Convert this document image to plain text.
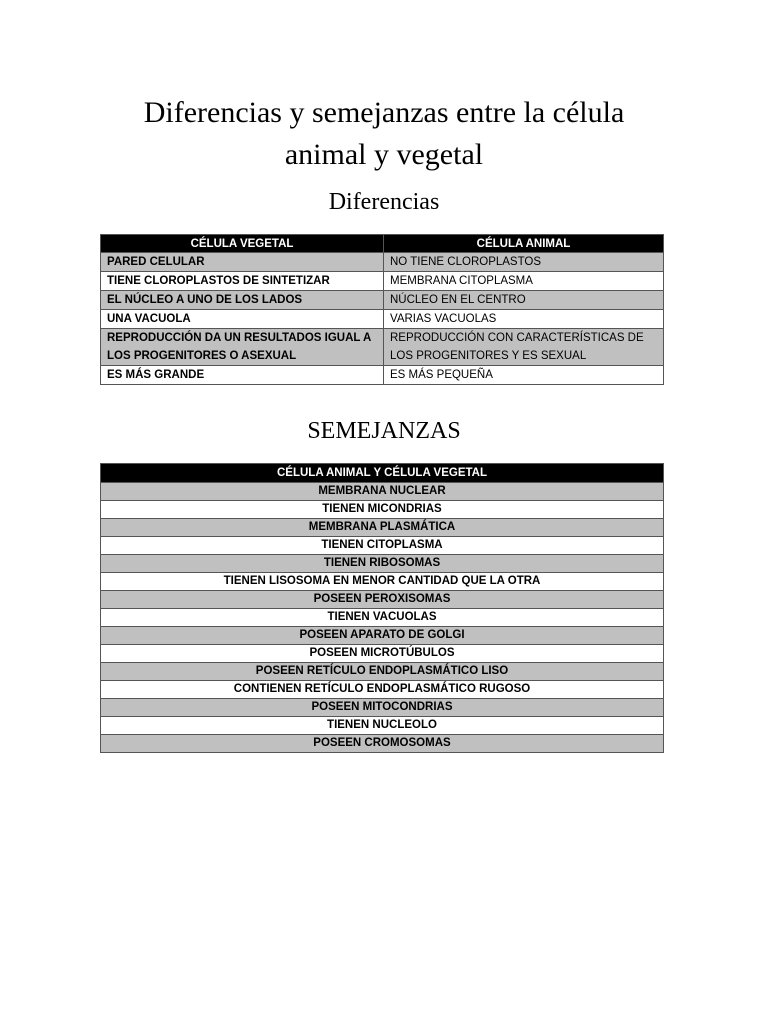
Diferencias y semejanzas entre la célula
animal y vegetal
Diferencias
CÉLULA VEGETAL	CÉLULA ANIMAL
PARED CELULAR	NO TIENE CLOROPLASTOS
TIENE CLOROPLASTOS DE SINTETIZAR	MEMBRANA CITOPLASMA
EL NÚCLEO A UNO DE LOS LADOS	NÚCLEO EN EL CENTRO
UNA VACUOLA	VARIAS VACUOLAS
REPRODUCCIÓN DA UN RESULTADOS IGUAL A LOS PROGENITORES O ASEXUAL	REPRODUCCIÓN CON CARACTERÍSTICAS DE LOS PROGENITORES Y ES SEXUAL
ES MÁS GRANDE	ES MÁS PEQUEÑA
SEMEJANZAS
CÉLULA ANIMAL Y CÉLULA VEGETAL
MEMBRANA NUCLEAR
TIENEN MICONDRIAS
MEMBRANA PLASMÁTICA
TIENEN CITOPLASMA
TIENEN RIBOSOMAS
TIENEN LISOSOMA EN MENOR CANTIDAD QUE LA OTRA
POSEEN PEROXISOMAS
TIENEN VACUOLAS
POSEEN APARATO DE GOLGI
POSEEN MICROTÚBULOS
POSEEN RETÍCULO ENDOPLASMÁTICO LISO
CONTIENEN RETÍCULO ENDOPLASMÁTICO RUGOSO
POSEEN MITOCONDRIAS
TIENEN NUCLEOLO
POSEEN CROMOSOMAS
